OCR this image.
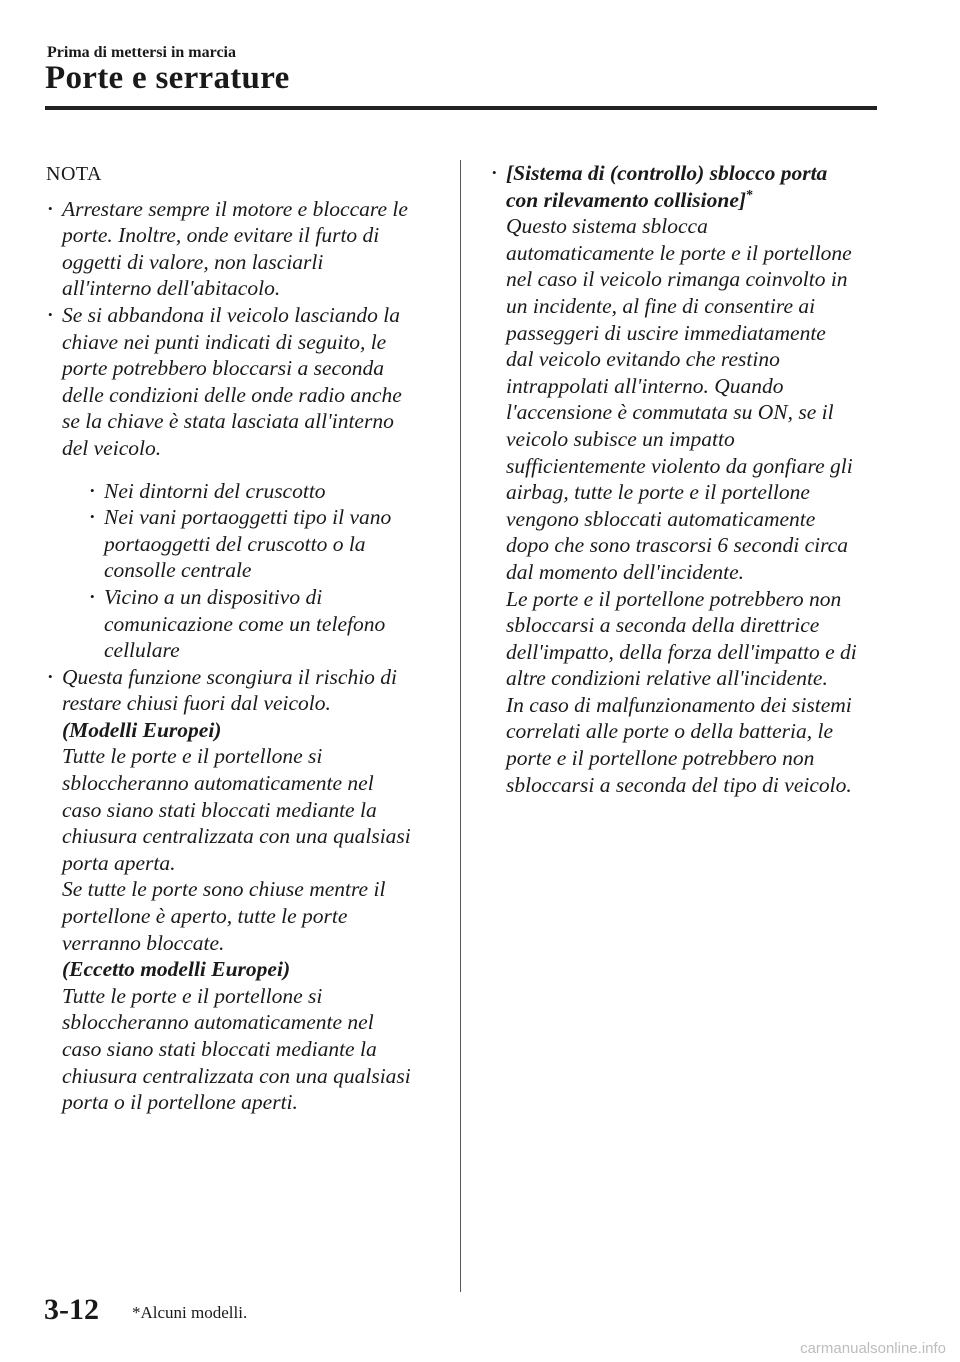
Prima di mettersi in marcia
Porte e serrature
NOTA
• Arrestare sempre il motore e bloccare le
porte. Inoltre, onde evitare il furto di
oggetti di valore, non lasciarli
all'interno dell'abitacolo.
• Se si abbandona il veicolo lasciando la
chiave nei punti indicati di seguito, le
porte potrebbero bloccarsi a seconda
delle condizioni delle onde radio anche
se la chiave è stata lasciata all'interno
del veicolo.
• Nei dintorni del cruscotto
• Nei vani portaoggetti tipo il vano
portaoggetti del cruscotto o la
consolle centrale
• Vicino a un dispositivo di
comunicazione come un telefono
cellulare
• Questa funzione scongiura il rischio di
restare chiusi fuori dal veicolo.
(Modelli Europei)
Tutte le porte e il portellone si
sbloccheranno automaticamente nel
caso siano stati bloccati mediante la
chiusura centralizzata con una qualsiasi
porta aperta.
Se tutte le porte sono chiuse mentre il
portellone è aperto, tutte le porte
verranno bloccate.
(Eccetto modelli Europei)
Tutte le porte e il portellone si
sbloccheranno automaticamente nel
caso siano stati bloccati mediante la
chiusura centralizzata con una qualsiasi
porta o il portellone aperti.
• [Sistema di (controllo) sblocco porta
con rilevamento collisione]*
Questo sistema sblocca
automaticamente le porte e il portellone
nel caso il veicolo rimanga coinvolto in
un incidente, al fine di consentire ai
passeggeri di uscire immediatamente
dal veicolo evitando che restino
intrappolati all'interno. Quando
l'accensione è commutata su ON, se il
veicolo subisce un impatto
sufficientemente violento da gonfiare gli
airbag, tutte le porte e il portellone
vengono sbloccati automaticamente
dopo che sono trascorsi 6 secondi circa
dal momento dell'incidente.
Le porte e il portellone potrebbero non
sbloccarsi a seconda della direttrice
dell'impatto, della forza dell'impatto e di
altre condizioni relative all'incidente.
In caso di malfunzionamento dei sistemi
correlati alle porte o della batteria, le
porte e il portellone potrebbero non
sbloccarsi a seconda del tipo di veicolo.
3-12 *Alcuni modelli.
carmanualsonline.info
